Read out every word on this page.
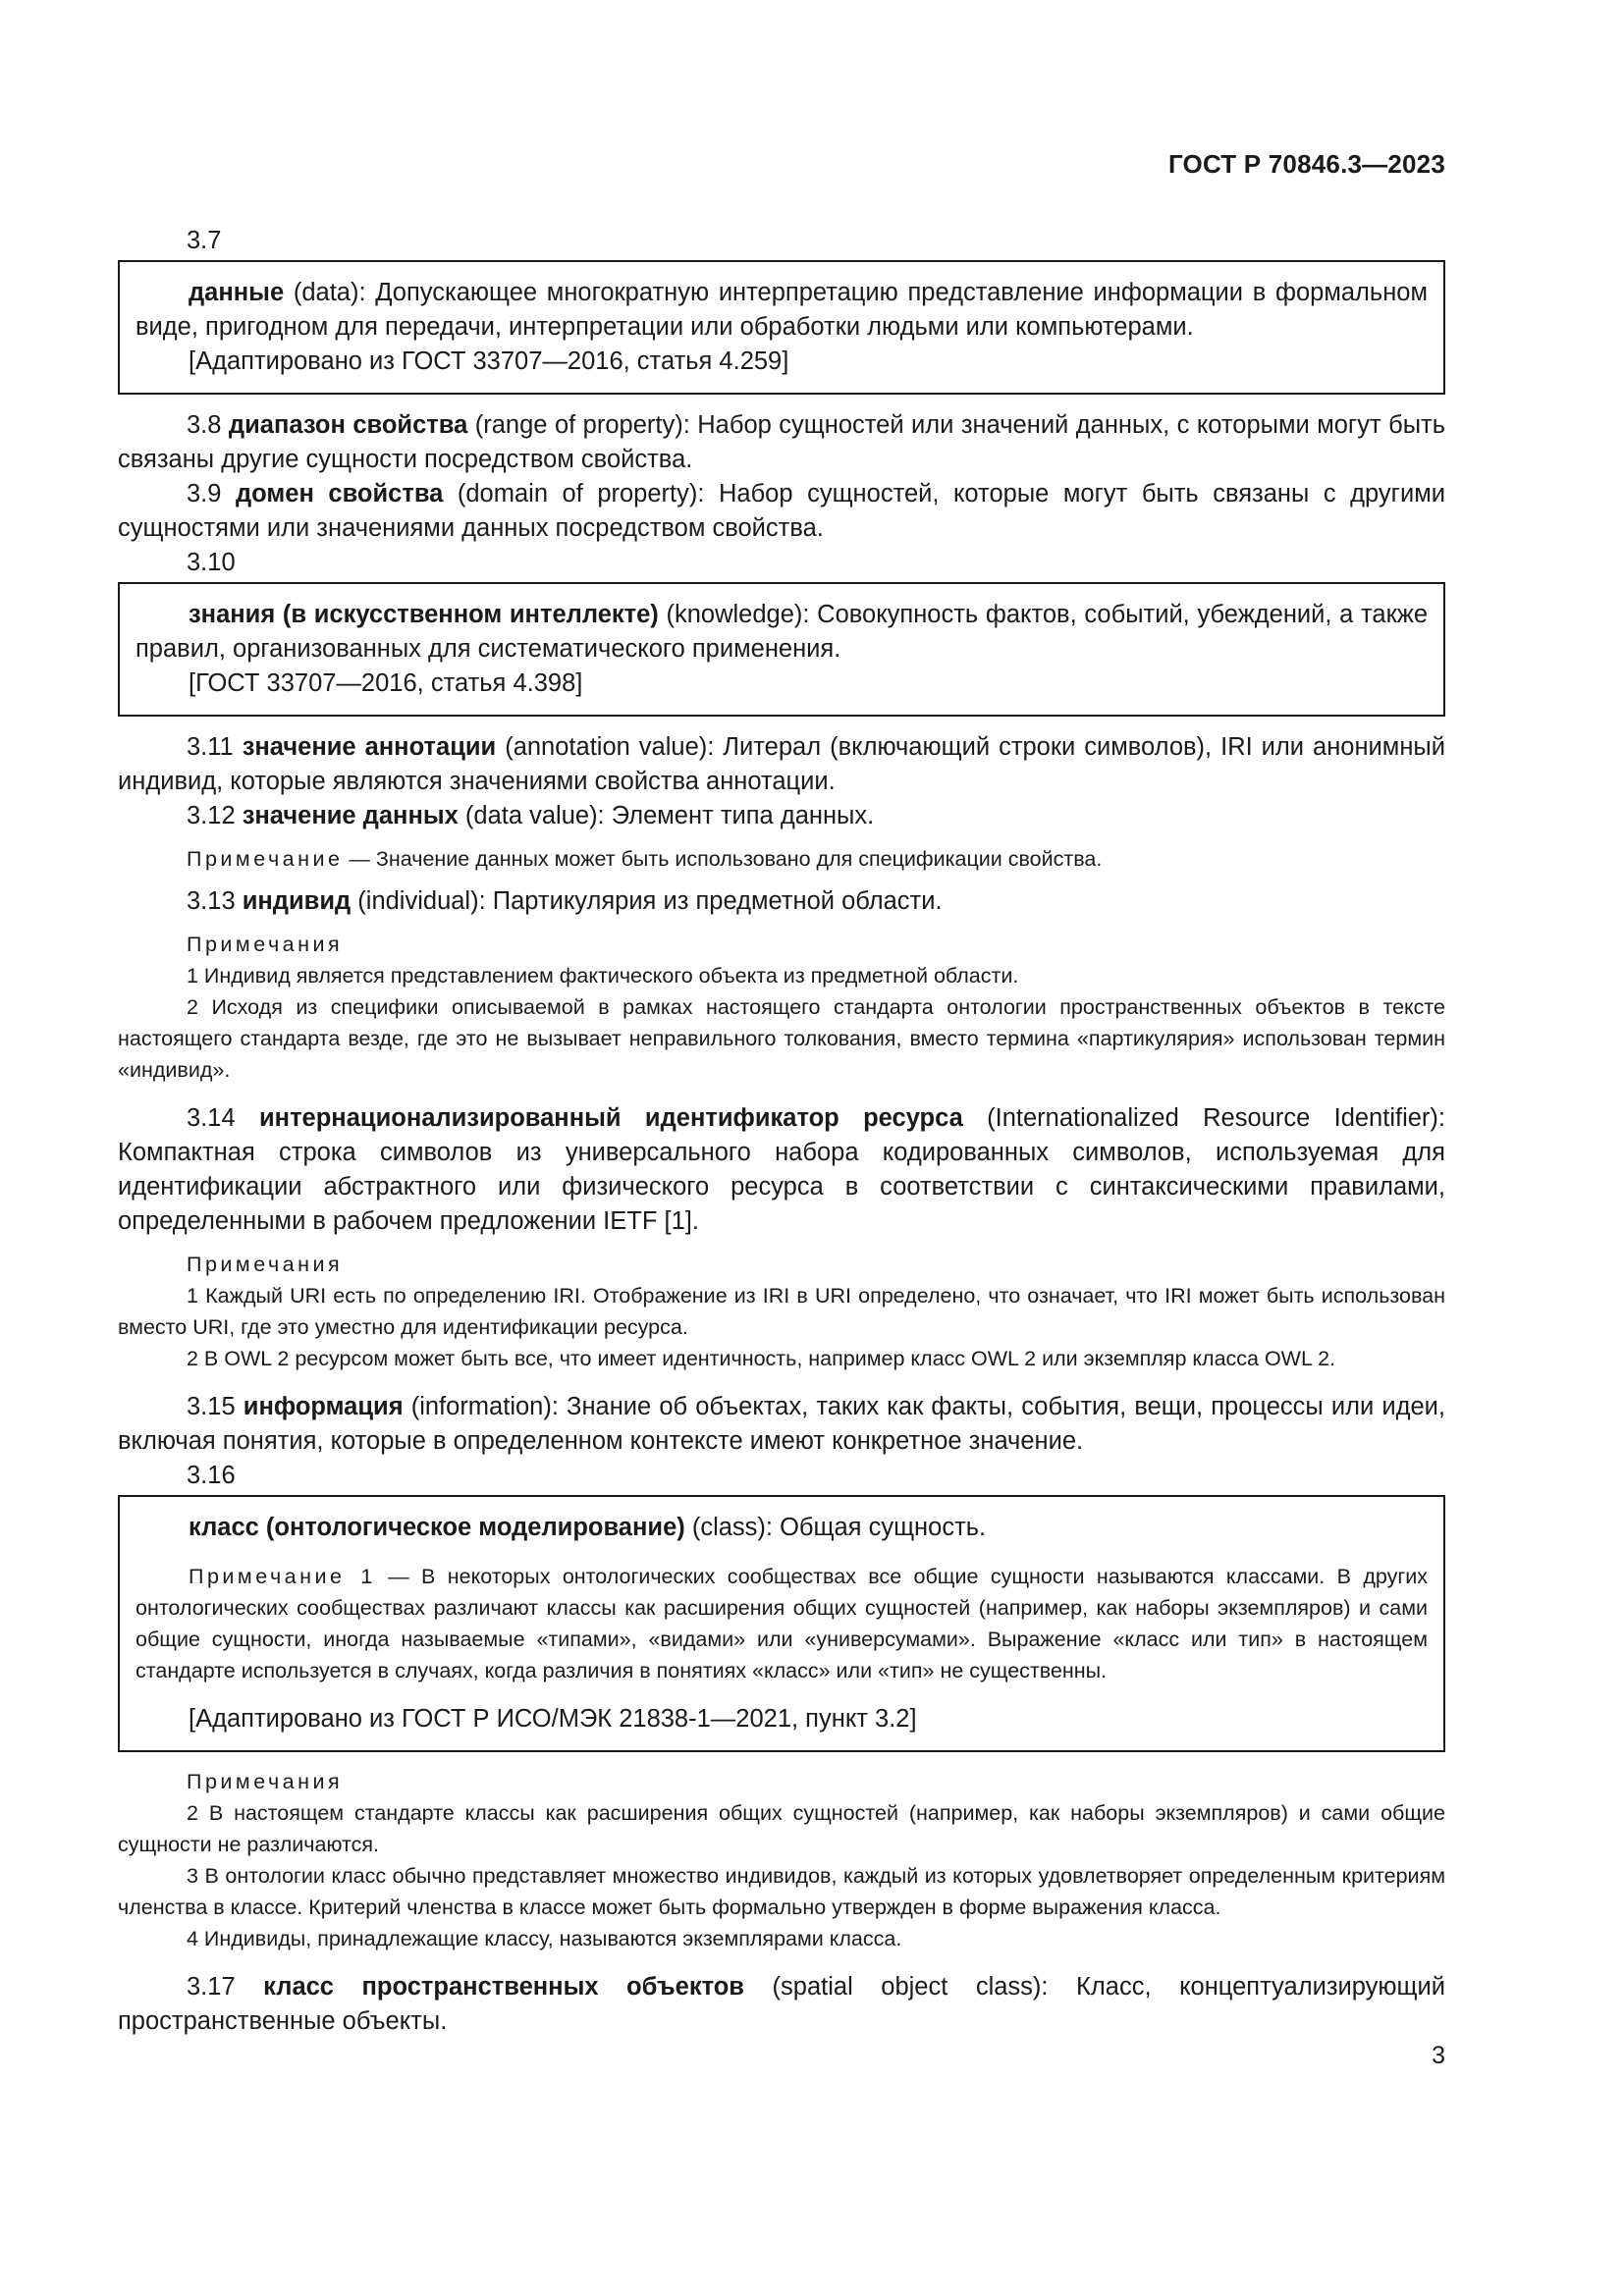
ГОСТ Р 70846.3—2023

3.7

данные (data): Допускающее многократную интерпретацию представление информации в формальном виде, пригодном для передачи, интерпретации или обработки людьми или компьютерами.

[Адаптировано из ГОСТ 33707—2016, статья 4.259]

3.8 диапазон свойства (range of property): Набор сущностей или значений данных, с которыми могут быть связаны другие сущности посредством свойства.

3.9 домен свойства (domain of property): Набор сущностей, которые могут быть связаны с другими сущностями или значениями данных посредством свойства.

3.10

знания (в искусственном интеллекте) (knowledge): Совокупность фактов, событий, убеждений, а также правил, организованных для систематического применения.

[ГОСТ 33707—2016, статья 4.398]

3.11 значение аннотации (annotation value): Литерал (включающий строки символов), IRI или анонимный индивид, которые являются значениями свойства аннотации.

3.12 значение данных (data value): Элемент типа данных.

Примечание — Значение данных может быть использовано для спецификации свойства.

3.13 индивид (individual): Партикулярия из предметной области.

Примечания

1 Индивид является представлением фактического объекта из предметной области.

2 Исходя из специфики описываемой в рамках настоящего стандарта онтологии пространственных объектов в тексте настоящего стандарта везде, где это не вызывает неправильного толкования, вместо термина «партикулярия» использован термин «индивид».

3.14 интернационализированный идентификатор ресурса (Internationalized Resource Identifier): Компактная строка символов из универсального набора кодированных символов, используемая для идентификации абстрактного или физического ресурса в соответствии с синтаксическими правилами, определенными в рабочем предложении IETF [1].

Примечания

1 Каждый URI есть по определению IRI. Отображение из IRI в URI определено, что означает, что IRI может быть использован вместо URI, где это уместно для идентификации ресурса.

2 В OWL 2 ресурсом может быть все, что имеет идентичность, например класс OWL 2 или экземпляр класса OWL 2.

3.15 информация (information): Знание об объектах, таких как факты, события, вещи, процессы или идеи, включая понятия, которые в определенном контексте имеют конкретное значение.

3.16

класс (онтологическое моделирование) (class): Общая сущность.

Примечание 1 — В некоторых онтологических сообществах все общие сущности называются классами. В других онтологических сообществах различают классы как расширения общих сущностей (например, как наборы экземпляров) и сами общие сущности, иногда называемые «типами», «видами» или «универсумами». Выражение «класс или тип» в настоящем стандарте используется в случаях, когда различия в понятиях «класс» или «тип» не существенны.

[Адаптировано из ГОСТ Р ИСО/МЭК 21838-1—2021, пункт 3.2]

Примечания

2 В настоящем стандарте классы как расширения общих сущностей (например, как наборы экземпляров) и сами общие сущности не различаются.

3 В онтологии класс обычно представляет множество индивидов, каждый из которых удовлетворяет определенным критериям членства в классе. Критерий членства в классе может быть формально утвержден в форме выражения класса.

4 Индивиды, принадлежащие классу, называются экземплярами класса.

3.17 класс пространственных объектов (spatial object class): Класс, концептуализирующий пространственные объекты.

3
